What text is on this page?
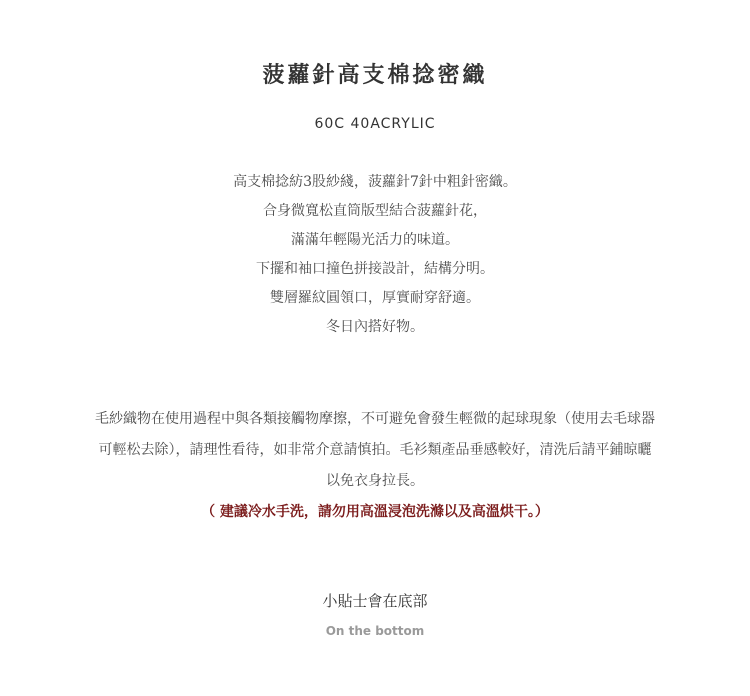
菠蘿針高支棉捻密織
60C 40ACRYLIC
高支棉捻紡3股紗綫，菠蘿針7針中粗針密織。
合身微寬松直筒版型結合菠蘿針花，
滿滿年輕陽光活力的味道。
下擺和袖口撞色拼接設計，結構分明。
雙層羅紋圓領口，厚實耐穿舒適。
冬日內搭好物。
毛紗織物在使用過程中與各類接觸物摩擦，不可避免會發生輕微的起球現象（使用去毛球器
可輕松去除），請理性看待，如非常介意請慎拍。毛衫類產品垂感較好，清洗后請平鋪晾曬
以免衣身拉長。
（ 建議冷水手洗，請勿用高溫浸泡洗滌以及高溫烘干。）
小貼士會在底部
On the bottom
